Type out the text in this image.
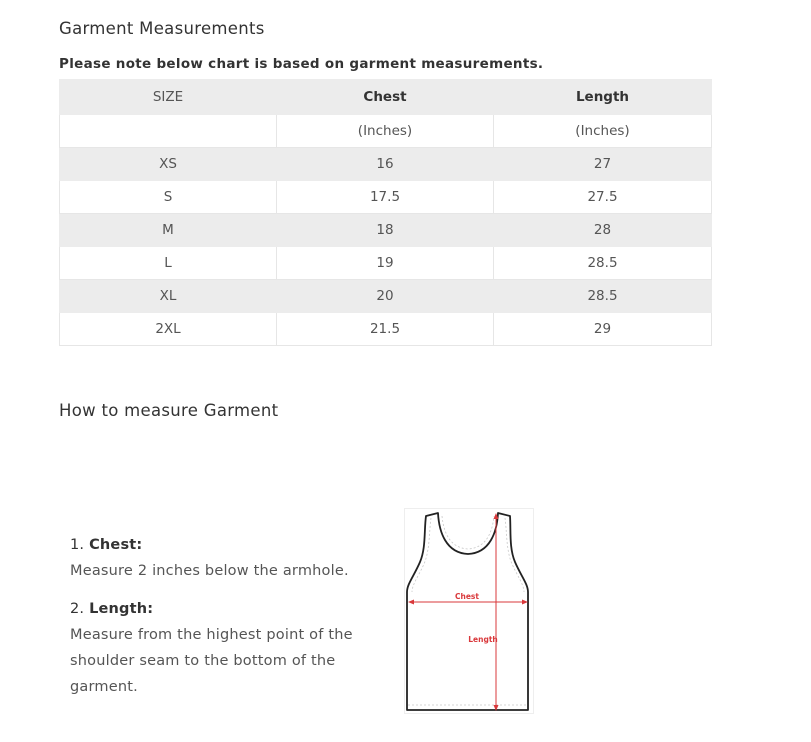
Garment Measurements
Please note below chart is based on garment measurements.
SIZE	Chest	Length
	(Inches)	(Inches)
XS	16	27
S	17.5	27.5
M	18	28
L	19	28.5
XL	20	28.5
2XL	21.5	29
How to measure Garment

1. Chest:

Measure 2 inches below the armhole.

2. Length:

Measure from the highest point of the shoulder seam to the bottom of the garment.

Chest
Length
